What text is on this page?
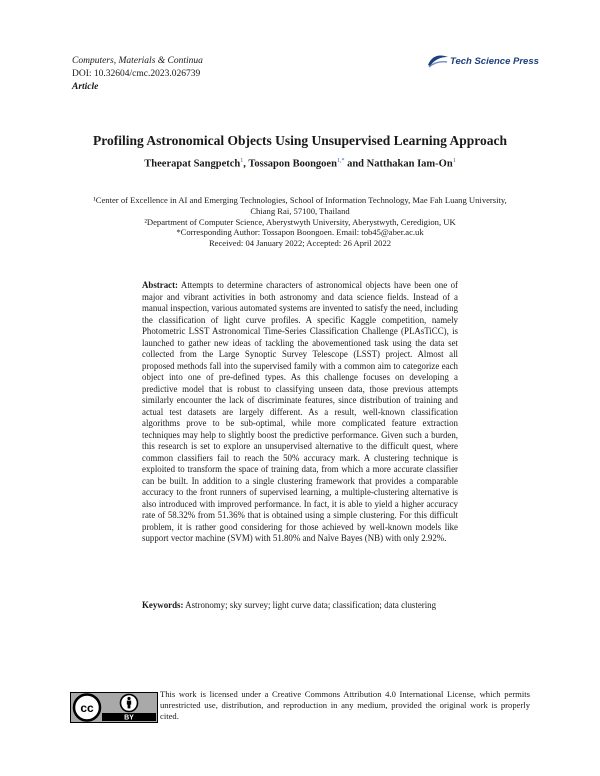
Computers, Materials & Continua
DOI: 10.32604/cmc.2023.026739
Article
Tech Science Press
Profiling Astronomical Objects Using Unsupervised Learning Approach
Theerapat Sangpetch$^1$, Tossapon Boongoen$^{1,*}$ and Natthakan Iam-On$^1$
¹Center of Excellence in AI and Emerging Technologies, School of Information Technology, Mae Fah Luang University,
Chiang Rai, 57100, Thailand
²Department of Computer Science, Aberystwyth University, Aberystwyth, Ceredigion, UK
*Corresponding Author: Tossapon Boongoen. Email: tob45@aber.ac.uk
Received: 04 January 2022; Accepted: 26 April 2022
Abstract: Attempts to determine characters of astronomical objects have been one of major and vibrant activities in both astronomy and data science fields. Instead of a manual inspection, various automated systems are invented to satisfy the need, including the classification of light curve profiles. A specific Kaggle competition, namely Photometric LSST Astronomical Time-Series Classification Challenge (PLAsTiCC), is launched to gather new ideas of tackling the abovementioned task using the data set collected from the Large Synoptic Survey Telescope (LSST) project. Almost all proposed methods fall into the supervised family with a common aim to categorize each object into one of pre-defined types. As this challenge focuses on developing a predictive model that is robust to classifying unseen data, those previous attempts similarly encounter the lack of discriminate features, since distribution of training and actual test datasets are largely different. As a result, well-known classification algorithms prove to be sub-optimal, while more complicated feature extraction techniques may help to slightly boost the predictive performance. Given such a burden, this research is set to explore an unsupervised alternative to the difficult quest, where common classifiers fail to reach the 50% accuracy mark. A clustering technique is exploited to transform the space of training data, from which a more accurate classifier can be built. In addition to a single clustering framework that provides a comparable accuracy to the front runners of supervised learning, a multiple-clustering alternative is also introduced with improved performance. In fact, it is able to yield a higher accuracy rate of 58.32% from 51.36% that is obtained using a simple clustering. For this difficult problem, it is rather good considering for those achieved by well-known models like support vector machine (SVM) with 51.80% and Naïve Bayes (NB) with only 2.92%.
Keywords: Astronomy; sky survey; light curve data; classification; data clustering
cc
BY
This work is licensed under a Creative Commons Attribution 4.0 International License, which permits unrestricted use, distribution, and reproduction in any medium, provided the original work is properly cited.
